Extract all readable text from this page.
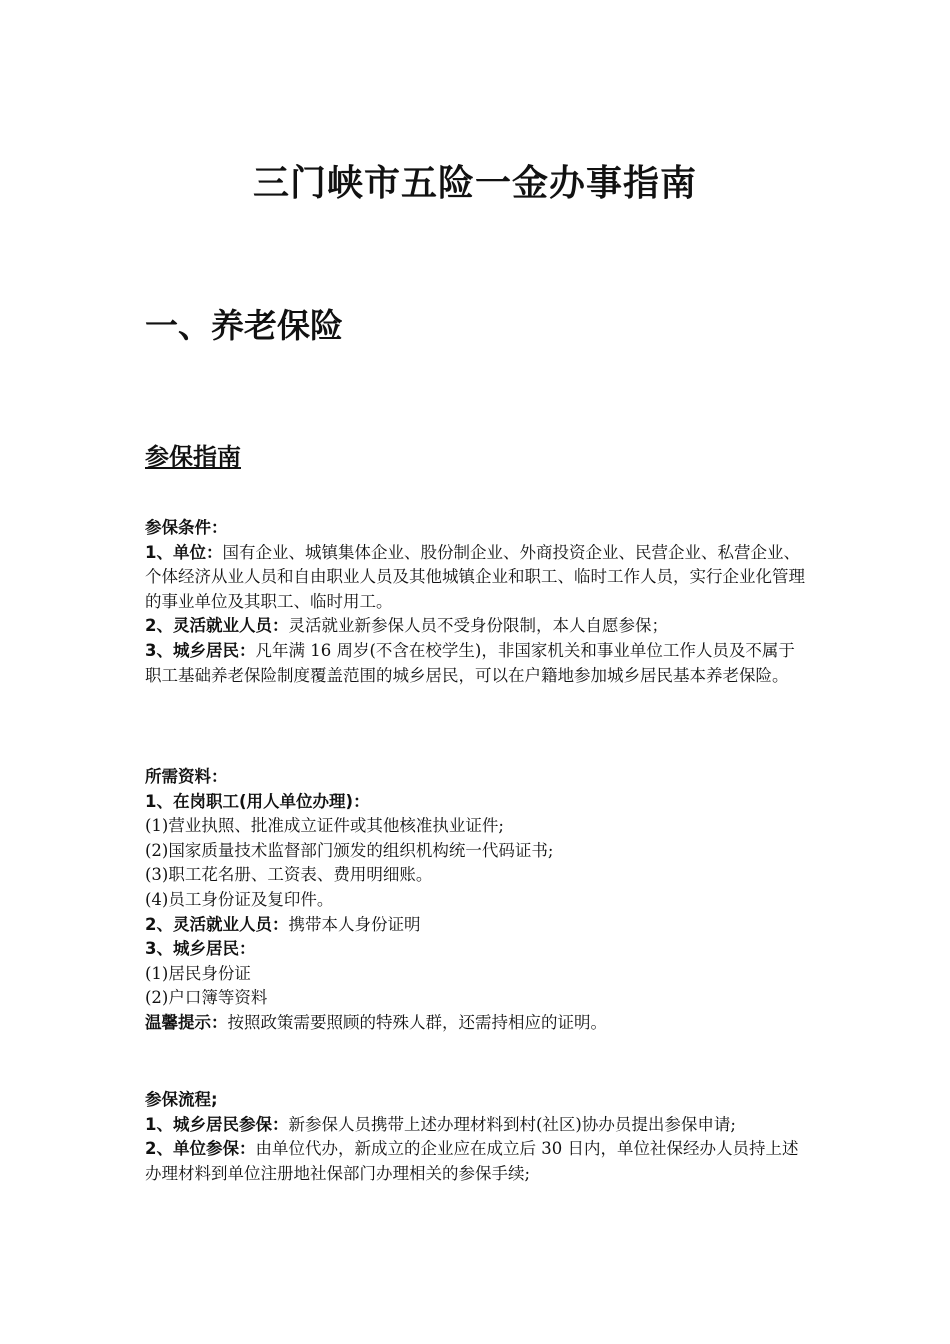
三门峡市五险一金办事指南
一、养老保险
参保指南

参保条件：

1、单位：国有企业、城镇集体企业、股份制企业、外商投资企业、民营企业、私营企业、个体经济从业人员和自由职业人员及其他城镇企业和职工、临时工作人员，实行企业化管理的事业单位及其职工、临时用工。

2、灵活就业人员：灵活就业新参保人员不受身份限制，本人自愿参保；

3、城乡居民：凡年满 16 周岁(不含在校学生)，非国家机关和事业单位工作人员及不属于职工基础养老保险制度覆盖范围的城乡居民，可以在户籍地参加城乡居民基本养老保险。

所需资料：

1、在岗职工(用人单位办理)：

(1)营业执照、批准成立证件或其他核准执业证件;

(2)国家质量技术监督部门颁发的组织机构统一代码证书;

(3)职工花名册、工资表、费用明细账。

(4)员工身份证及复印件。

2、灵活就业人员：携带本人身份证明

3、城乡居民：

(1)居民身份证

(2)户口簿等资料

温馨提示：按照政策需要照顾的特殊人群，还需持相应的证明。

参保流程;

1、城乡居民参保：新参保人员携带上述办理材料到村(社区)协办员提出参保申请;

2、单位参保：由单位代办，新成立的企业应在成立后 30 日内，单位社保经办人员持上述办理材料到单位注册地社保部门办理相关的参保手续;
